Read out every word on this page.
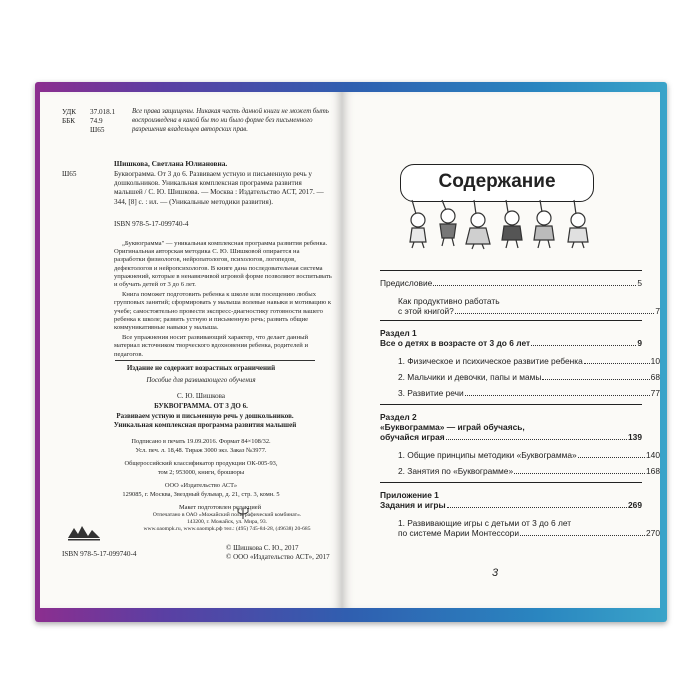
УДК	37.018.1
ББК	74.9
Ш65
Все права защищены. Никакая часть данной книги не может быть воспроизведена в какой бы то ни было форме без письменного разрешения владельцев авторских прав.
Шишкова, Светлана Юлиановна.
Ш65	Буквограмма. От 3 до 6. Развиваем устную и письменную речь у дошкольников. Уникальная комплексная программа развития малышей / С. Ю. Шишкова. — Москва : Издательство АСТ, 2017. — 344, [8] с. : ил. — (Уникальные методики развития).
ISBN 978-5-17-099740-4

„Буквограмма" — уникальная комплексная программа развития ребенка. Оригинальная авторская методика С. Ю. Шишковой опирается на разработки физиологов, нейропатологов, психологов, логопедов, дефектологов и нейропсихологов. В книге дана последовательная система упражнений, которые в ненавязчивой игровой форме позволяют воспитывать и обучать детей от 3 до 6 лет.

Книга поможет подготовить ребенка к школе или посещению любых групповых занятий; сформировать у малыша волевые навыки и мотивацию к учебе; самостоятельно провести экспресс-диагностику готовности вашего ребенка к школе; развить устную и письменную речь; развить общие коммуникативные навыки у малыша.

Все упражнения носит развивающий характер, что делает данный материал источником творческого вдохновения ребенка, родителей и педагогов.

Издание не содержит возрастных ограничений
Пособие для развивающего обучения
С. Ю. Шишкова
БУКВОГРАММА. ОТ 3 ДО 6.
Развиваем устную и письменную речь у дошкольников. Уникальная комплексная программа развития малышей
Подписано в печать 19.09.2016. Формат 84×108/32.
Усл. печ. л. 18,48. Тираж 3000 экз. Заказ №3977.
Общероссийский классификатор продукции ОК-005-93,
том 2; 953000, книги, брошюры
ООО «Издательство АСТ»
129085, г. Москва, Звездный бульвар, д. 21, стр. 3, комн. 5
Макет подготовлен редакцией
Отпечатано в ОАО «Можайский полиграфический комбинат».
143200, г. Можайск, ул. Мира, 93.
www.oaompk.ru, www.oaompk.рф тел.: (495) 745-84-28, (49638) 20-685
ISBN 978-5-17-099740-4
© Шишкова С. Ю., 2017
© ООО «Издательство АСТ», 2017
Содержание
Предисловие	5
Как продуктивно работать
с этой книгой?	7
Раздел 1
Все о детях в возрасте от 3 до 6 лет	9
1. Физическое и психическое развитие ребенка	10
2. Мальчики и девочки, папы и мамы	68
3. Развитие речи	77
Раздел 2
«Буквограмма» — играй обучаясь,
обучайся играя	139
1. Общие принципы методики «Буквограмма»	140
2. Занятия по «Буквограмме»	168
Приложение 1
Задания и игры	269
1. Развивающие игры с детьми от 3 до 6 лет
по системе Марии Монтессори	270
3
